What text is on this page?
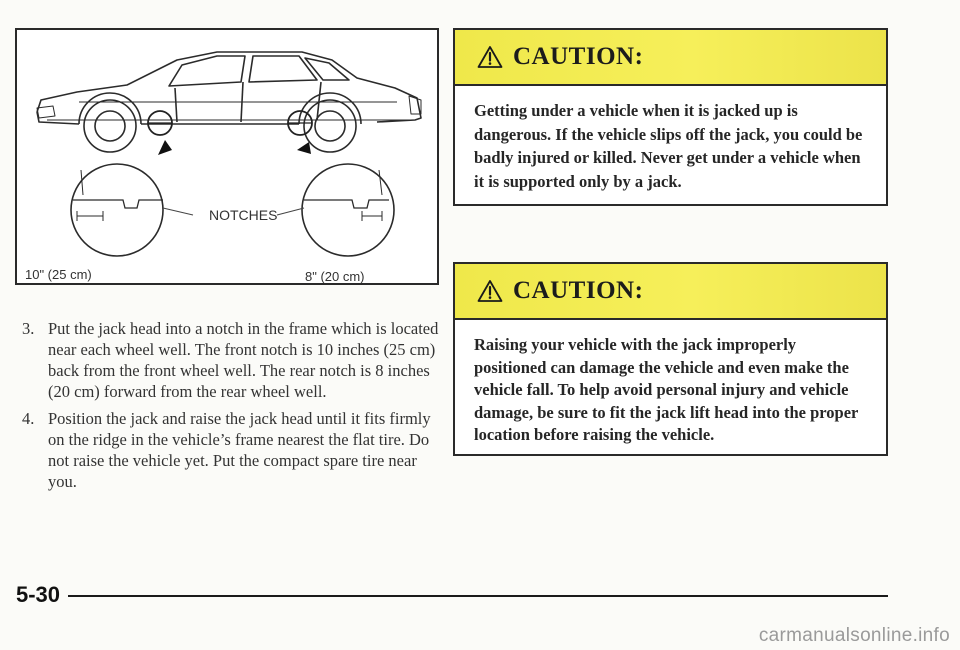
NOTCHES
10" (25 cm)	8" (20 cm)
3. Put the jack head into a notch in the frame which is located near each wheel well. The front notch is 10 inches (25 cm) back from the front wheel well. The rear notch is 8 inches (20 cm) forward from the rear wheel well.
4. Position the jack and raise the jack head until it fits firmly on the ridge in the vehicle’s frame nearest the flat tire. Do not raise the vehicle yet. Put the compact spare tire near you.
CAUTION:

Getting under a vehicle when it is jacked up is dangerous. If the vehicle slips off the jack, you could be badly injured or killed. Never get under a vehicle when it is supported only by a jack.

CAUTION:

Raising your vehicle with the jack improperly positioned can damage the vehicle and even make the vehicle fall. To help avoid personal injury and vehicle damage, be sure to fit the jack lift head into the proper location before raising the vehicle.

5-30
carmanualsonline.info
